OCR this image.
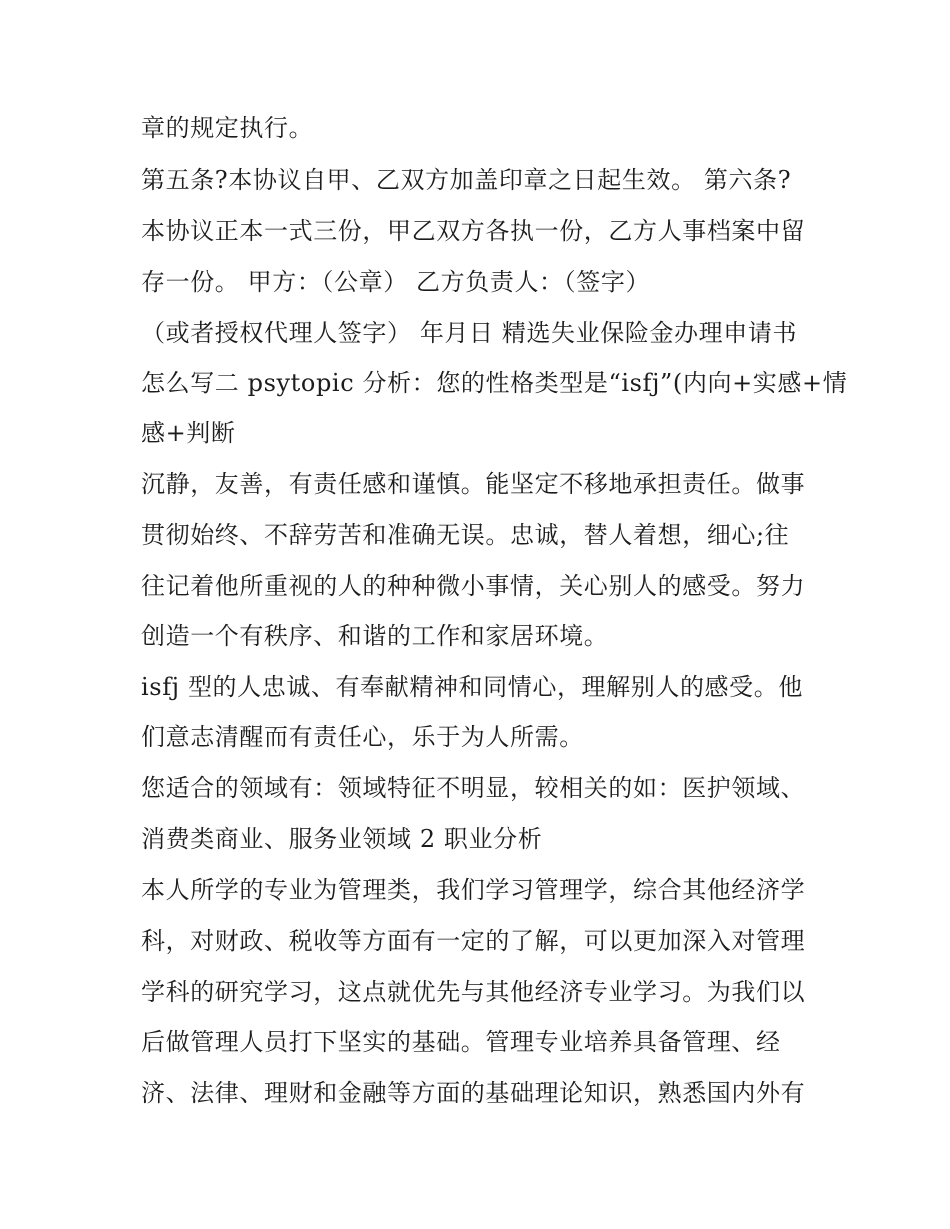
章的规定执行。
第五条?本协议自甲、乙双方加盖印章之日起生效。 第六条?
本协议正本一式三份，甲乙双方各执一份，乙方人事档案中留
存一份。 甲方：（公章） 乙方负责人：（签字）
（或者授权代理人签字） 年月日 精选失业保险金办理申请书
怎么写二 psytopic 分析：您的性格类型是“isfj”(内向+实感+情
感+判断
沉静，友善，有责任感和谨慎。能坚定不移地承担责任。做事
贯彻始终、不辞劳苦和准确无误。忠诚，替人着想，细心;往
往记着他所重视的人的种种微小事情，关心别人的感受。努力
创造一个有秩序、和谐的工作和家居环境。
isfj 型的人忠诚、有奉献精神和同情心，理解别人的感受。他
们意志清醒而有责任心，乐于为人所需。
您适合的领域有：领域特征不明显，较相关的如：医护领域、
消费类商业、服务业领域 2 职业分析
本人所学的专业为管理类，我们学习管理学，综合其他经济学
科，对财政、税收等方面有一定的了解，可以更加深入对管理
学科的研究学习，这点就优先与其他经济专业学习。为我们以
后做管理人员打下坚实的基础。管理专业培养具备管理、经
济、法律、理财和金融等方面的基础理论知识，熟悉国内外有
